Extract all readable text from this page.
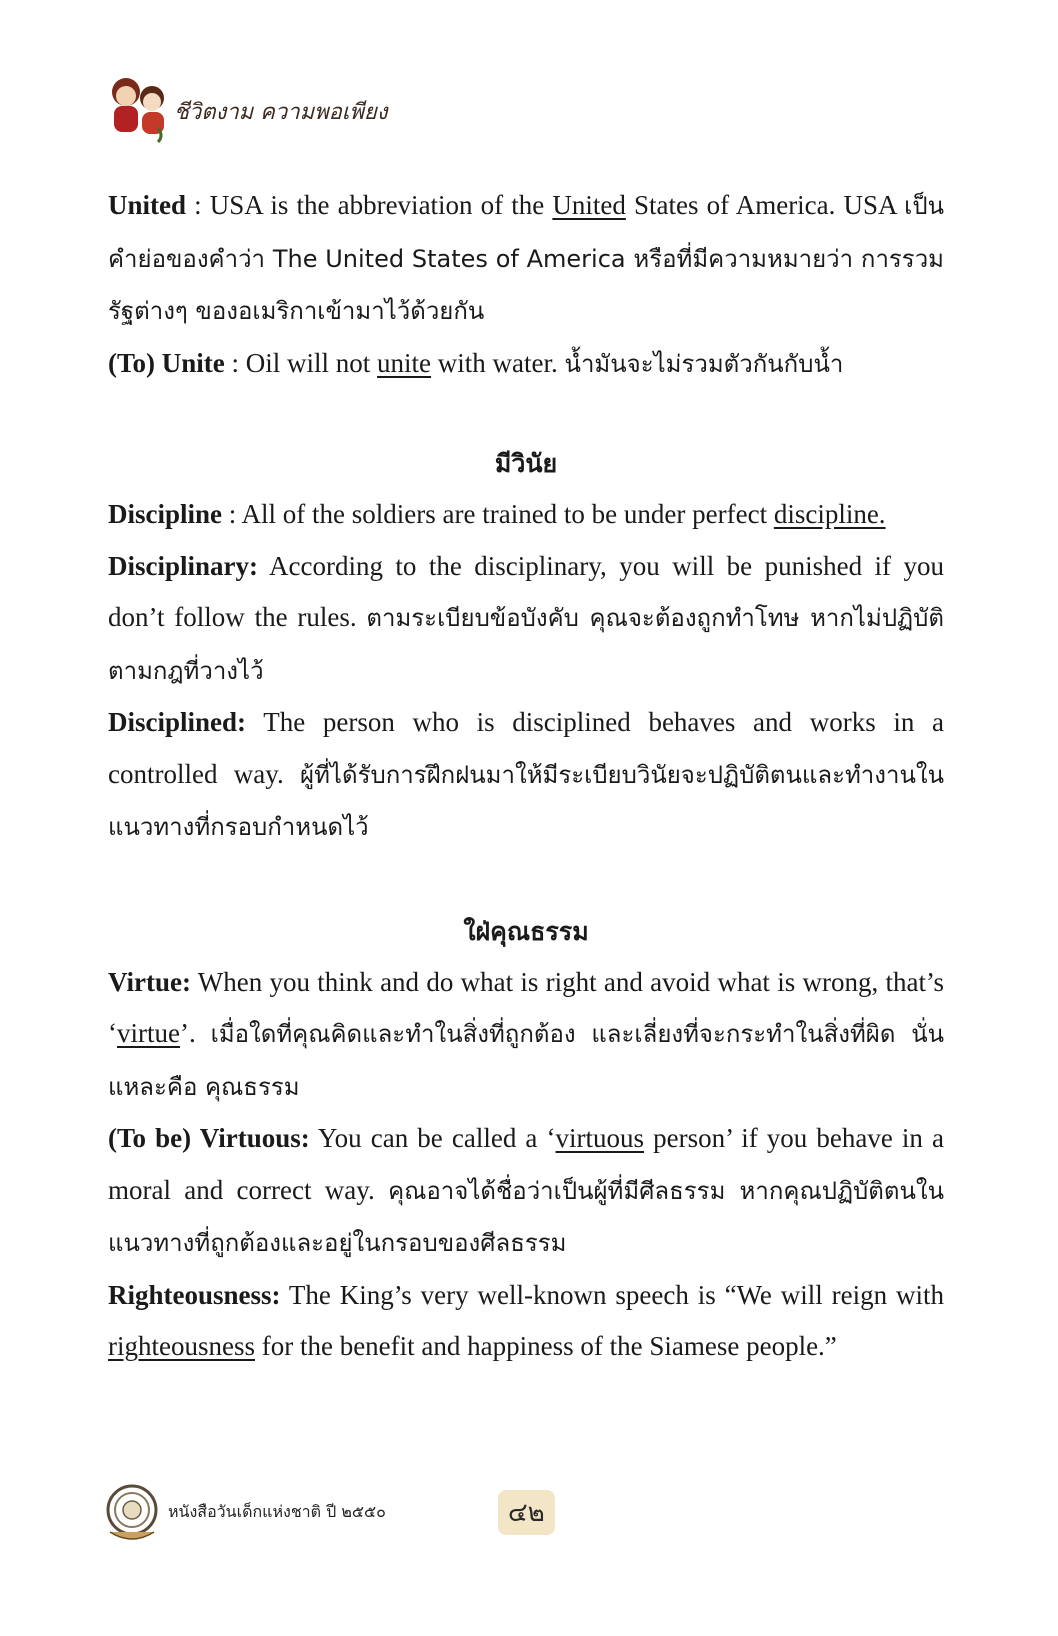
ชีวิตงาม ความพอเพียง

United : USA is the abbreviation of the United States of America. USA เป็นคำย่อของคำว่า The United States of America หรือที่มีความหมายว่า การรวมรัฐต่างๆ ของอเมริกาเข้ามาไว้ด้วยกัน

(To) Unite : Oil will not unite with water. น้ำมันจะไม่รวมตัวกันกับน้ำ

มีวินัย

Discipline : All of the soldiers are trained to be under perfect discipline.

Disciplinary: According to the disciplinary, you will be punished if you don’t follow the rules. ตามระเบียบข้อบังคับ คุณจะต้องถูกทำโทษ หากไม่ปฏิบัติตามกฎที่วางไว้

Disciplined: The person who is disciplined behaves and works in a controlled way. ผู้ที่ได้รับการฝึกฝนมาให้มีระเบียบวินัยจะปฏิบัติตนและทำงานในแนวทางที่กรอบกำหนดไว้

ใฝ่คุณธรรม

Virtue: When you think and do what is right and avoid what is wrong, that’s ‘virtue’. เมื่อใดที่คุณคิดและทำในสิ่งที่ถูกต้อง และเลี่ยงที่จะกระทำในสิ่งที่ผิด นั่นแหละคือ คุณธรรม

(To be) Virtuous: You can be called a ‘virtuous person’ if you behave in a moral and correct way. คุณอาจได้ชื่อว่าเป็นผู้ที่มีศีลธรรม หากคุณปฏิบัติตนในแนวทางที่ถูกต้องและอยู่ในกรอบของศีลธรรม

Righteousness: The King’s very well-known speech is “We will reign with righteousness for the benefit and happiness of the Siamese people.”

หนังสือวันเด็กแห่งชาติ ปี ๒๕๕๐	๔๒
